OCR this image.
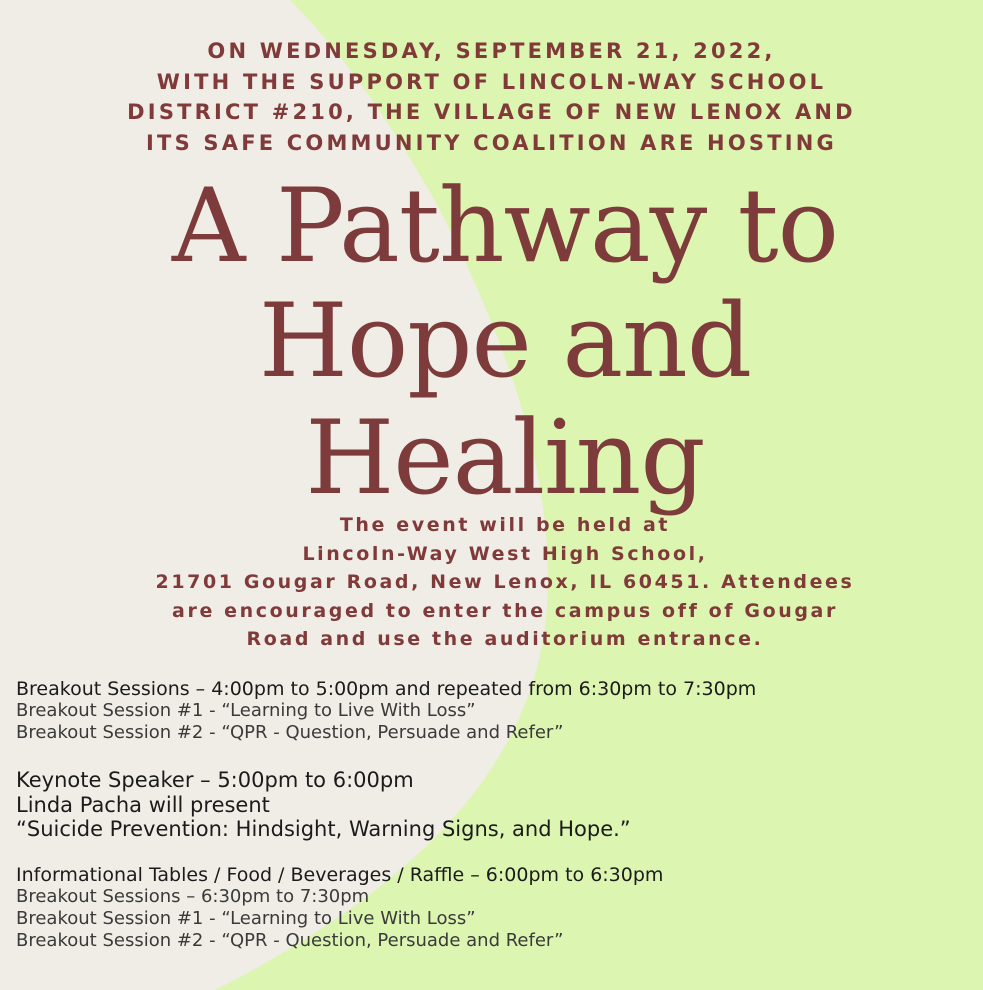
ON WEDNESDAY, SEPTEMBER 21, 2022,
WITH THE SUPPORT OF LINCOLN-WAY SCHOOL
DISTRICT #210, THE VILLAGE OF NEW LENOX AND
ITS SAFE COMMUNITY COALITION ARE HOSTING
A Pathway to
Hope and
Healing
The event will be held at
Lincoln-Way West High School,
21701 Gougar Road, New Lenox, IL 60451. Attendees
are encouraged to enter the campus off of Gougar
Road and use the auditorium entrance.
Breakout Sessions – 4:00pm to 5:00pm and repeated from 6:30pm to 7:30pm
Breakout Session #1 - “Learning to Live With Loss”
Breakout Session #2 - “QPR - Question, Persuade and Refer”
Keynote Speaker – 5:00pm to 6:00pm
Linda Pacha will present
“Suicide Prevention: Hindsight, Warning Signs, and Hope.”
Informational Tables / Food / Beverages / Raffle – 6:00pm to 6:30pm
Breakout Sessions – 6:30pm to 7:30pm
Breakout Session #1 - “Learning to Live With Loss”
Breakout Session #2 - “QPR - Question, Persuade and Refer”
